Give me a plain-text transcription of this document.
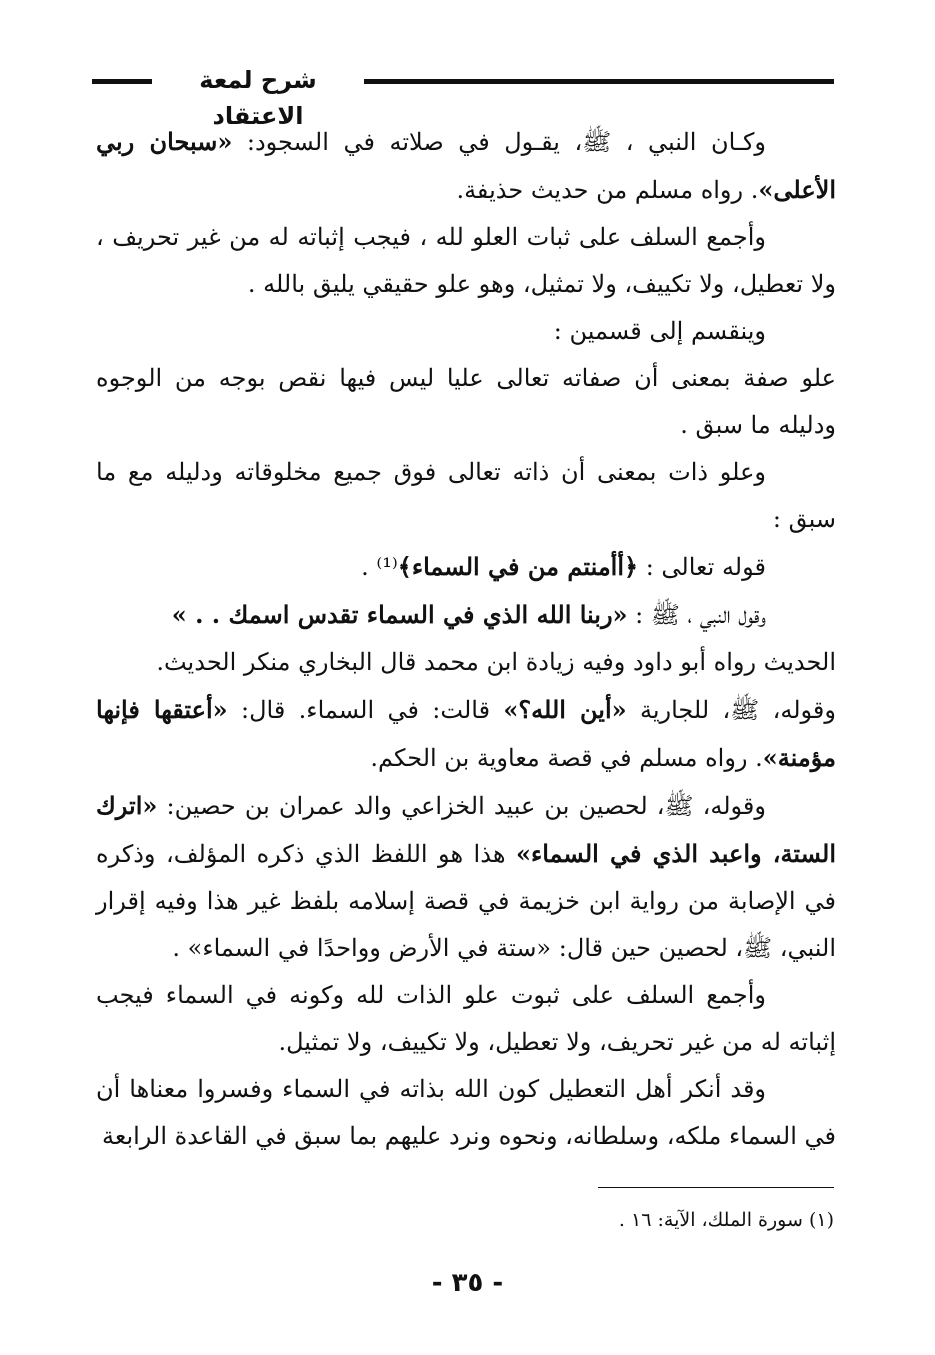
شرح لمعة الاعتقاد

وكـان النبي ، ﷺ، يقـول في صلاته في السجود: «سبحان ربي الأعلى». رواه مسلم من حديث حذيفة.

وأجمع السلف على ثبات العلو لله ، فيجب إثباته له من غير تحريف ، ولا تعطيل، ولا تكييف، ولا تمثيل، وهو علو حقيقي يليق بالله .

وينقسم إلى قسمين :

علو صفة بمعنى أن صفاته تعالى عليا ليس فيها نقص بوجه من الوجوه ودليله ما سبق .

وعلو ذات بمعنى أن ذاته تعالى فوق جميع مخلوقاته ودليله مع ما سبق :

قوله تعالى : ﴿أأمنتم من في السماء﴾⁽¹⁾ .

وقول النبي ، ﷺ : «ربنا الله الذي في السماء تقدس اسمك . . »

الحديث رواه أبو داود وفيه زيادة ابن محمد قال البخاري منكر الحديث.

وقوله، ﷺ، للجارية «أين الله؟» قالت: في السماء. قال: «أعتقها فإنها مؤمنة». رواه مسلم في قصة معاوية بن الحكم.

وقوله، ﷺ، لحصين بن عبيد الخزاعي والد عمران بن حصين: «اترك الستة، واعبد الذي في السماء» هذا هو اللفظ الذي ذكره المؤلف، وذكره في الإصابة من رواية ابن خزيمة في قصة إسلامه بلفظ غير هذا وفيه إقرار النبي، ﷺ، لحصين حين قال: «ستة في الأرض وواحدًا في السماء» .

وأجمع السلف على ثبوت علو الذات لله وكونه في السماء فيجب إثباته له من غير تحريف، ولا تعطيل، ولا تكييف، ولا تمثيل.

وقد أنكر أهل التعطيل كون الله بذاته في السماء وفسروا معناها أن في السماء ملكه، وسلطانه، ونحوه ونرد عليهم بما سبق في القاعدة الرابعة

(١) سورة الملك، الآية: ١٦ .
- ٣٥ -
